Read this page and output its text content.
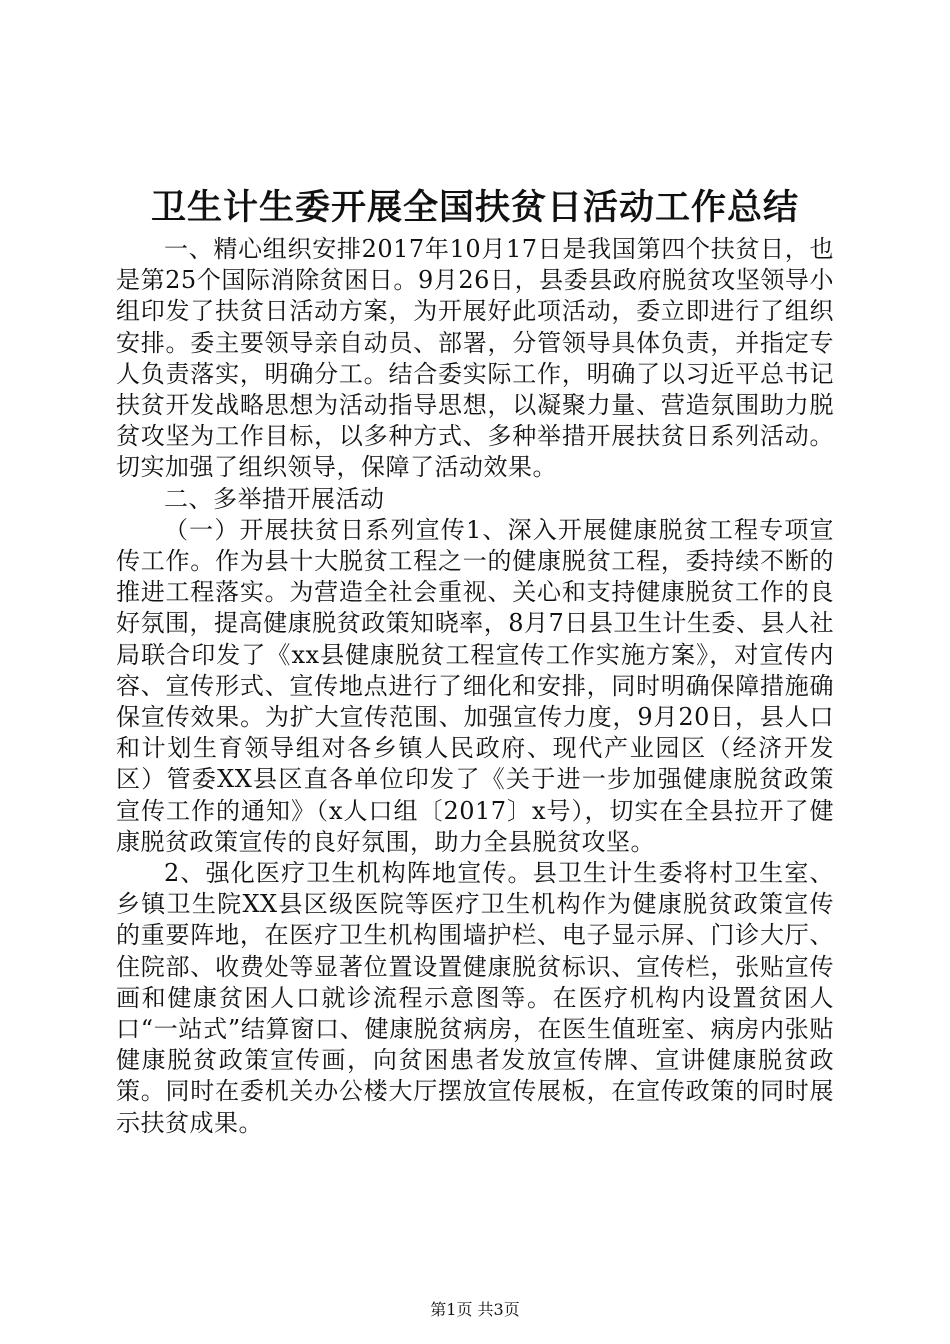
卫生计生委开展全国扶贫日活动工作总结

一、精心组织安排2017年10月17日是我国第四个扶贫日，也是第25个国际消除贫困日。9月26日，县委县政府脱贫攻坚领导小组印发了扶贫日活动方案，为开展好此项活动，委立即进行了组织安排。委主要领导亲自动员、部署，分管领导具体负责，并指定专人负责落实，明确分工。结合委实际工作，明确了以习近平总书记扶贫开发战略思想为活动指导思想，以凝聚力量、营造氛围助力脱贫攻坚为工作目标，以多种方式、多种举措开展扶贫日系列活动。切实加强了组织领导，保障了活动效果。

二、多举措开展活动

（一）开展扶贫日系列宣传1、深入开展健康脱贫工程专项宣传工作。作为县十大脱贫工程之一的健康脱贫工程，委持续不断的推进工程落实。为营造全社会重视、关心和支持健康脱贫工作的良好氛围，提高健康脱贫政策知晓率，8月7日县卫生计生委、县人社局联合印发了《xx县健康脱贫工程宣传工作实施方案》，对宣传内容、宣传形式、宣传地点进行了细化和安排，同时明确保障措施确保宣传效果。为扩大宣传范围、加强宣传力度，9月20日，县人口和计划生育领导组对各乡镇人民政府、现代产业园区（经济开发区）管委XX县区直各单位印发了《关于进一步加强健康脱贫政策宣传工作的通知》（x人口组〔2017〕x号），切实在全县拉开了健康脱贫政策宣传的良好氛围，助力全县脱贫攻坚。

2、强化医疗卫生机构阵地宣传。县卫生计生委将村卫生室、乡镇卫生院XX县区级医院等医疗卫生机构作为健康脱贫政策宣传的重要阵地，在医疗卫生机构围墙护栏、电子显示屏、门诊大厅、住院部、收费处等显著位置设置健康脱贫标识、宣传栏，张贴宣传画和健康贫困人口就诊流程示意图等。在医疗机构内设置贫困人口“一站式”结算窗口、健康脱贫病房，在医生值班室、病房内张贴健康脱贫政策宣传画，向贫困患者发放宣传牌、宣讲健康脱贫政策。同时在委机关办公楼大厅摆放宣传展板，在宣传政策的同时展示扶贫成果。

第1页 共3页
